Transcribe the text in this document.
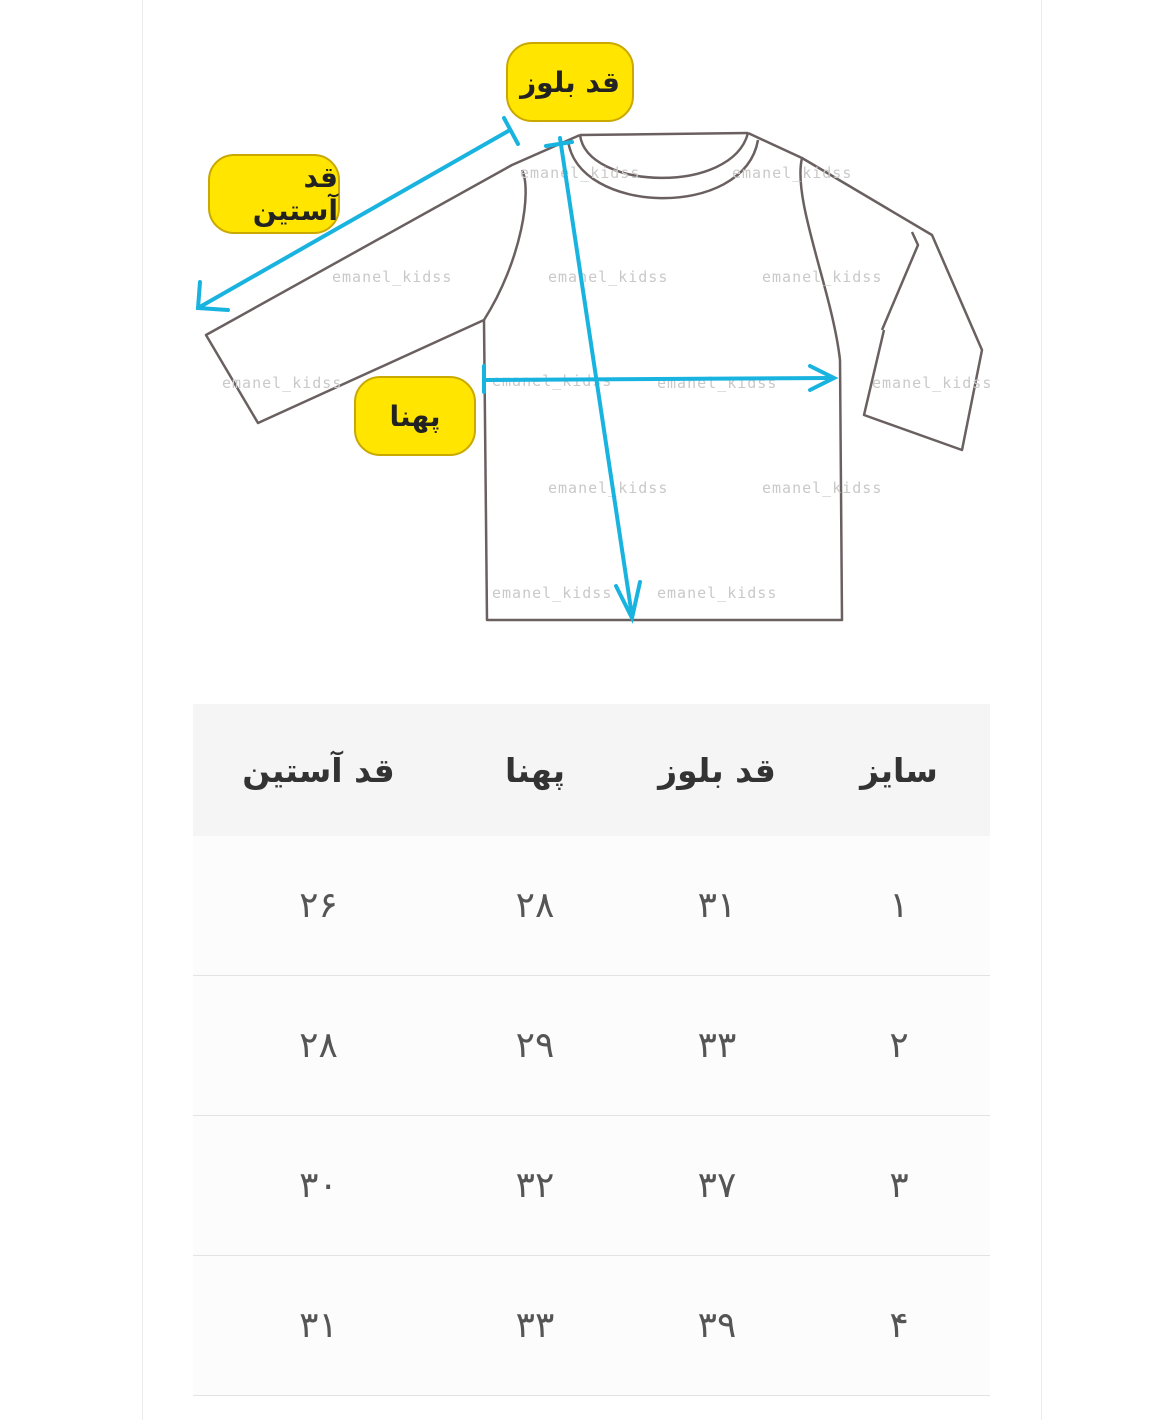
emanel_kidss	emanel_kidss	emanel_kidss
emanel_kidss	emanel_kidss	emanel_kidss	emanel_kidss
emanel_kidss	emanel_kidss
emanel_kidss	emanel_kidss
emanel_kidss	emanel_kidss
قد بلوز
قد آستین
پهنا
سایز	قد بلوز	پهنا	قد آستین
۱	۳۱	۲۸	۲۶
۲	۳۳	۲۹	۲۸
۳	۳۷	۳۲	۳۰
۴	۳۹	۳۳	۳۱
